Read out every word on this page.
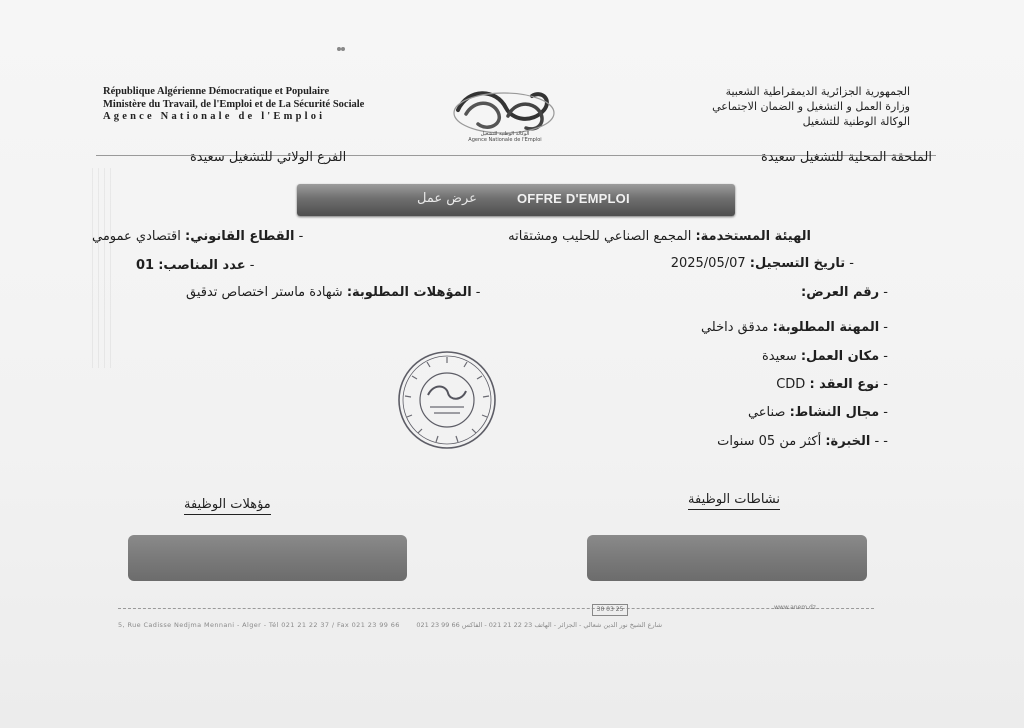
République Algérienne Démocratique et Populaire
Ministère du Travail, de l'Emploi et de La Sécurité Sociale
Agence Nationale de l'Emploi
الوكالة الوطنية للتشغيل
Agence Nationale de l'Emploi
الجمهورية الجزائرية الديمقراطية الشعبية
وزارة العمل و التشغيل و الضمان الاجتماعي
الوكالة الوطنية للتشغيل
الملحقة المحلية للتشغيل سعيدة
الفرع الولائي للتشغيل سعيدة
عرض عمل	OFFRE D'EMPLOI
الهيئة المستخدمة: المجمع الصناعي للحليب ومشتقاته
- تاريخ التسجيل: 2025/05/07
- رقم العرض:
- المهنة المطلوبة: مدقق داخلي
- مكان العمل: سعيدة
- نوع العقد : CDD
- مجال النشاط: صناعي
- - الخبرة: أكثر من 05 سنوات
- القطاع القانوني: اقتصادي عمومي
- عدد المناصب: 01
- المؤهلات المطلوبة: شهادة ماستر اختصاص تدقيق
نشاطات الوظيفة
مؤهلات الوظيفة
www.anem.dz
30 03 25
5, Rue Cadisse Nedjma Mennani - Alger - Tél 021 21 22 37 / Fax 021 23 99 66	شارع الشيخ نور الدين شعالي - الجزائر - الهاتف 23 22 21 021 - الفاكس 66 99 23 021
